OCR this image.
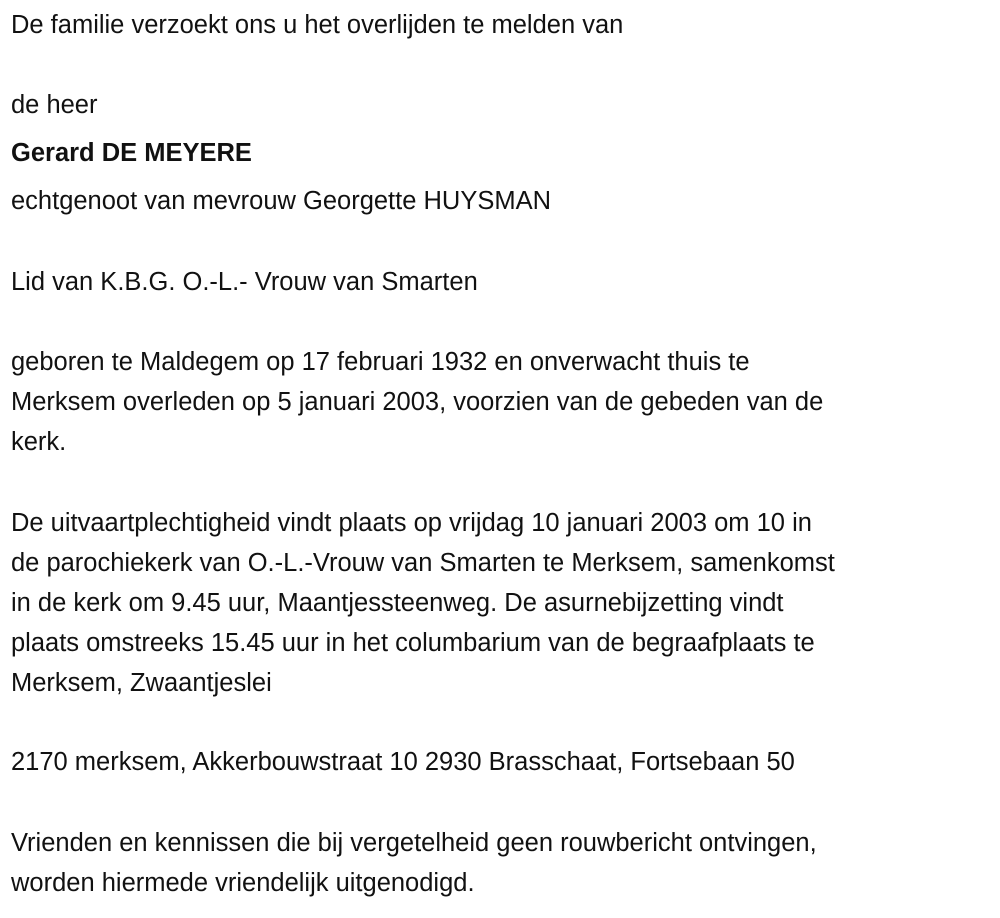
De familie verzoekt ons u het overlijden te melden van
de heer
Gerard DE MEYERE
echtgenoot van mevrouw Georgette HUYSMAN
Lid van K.B.G. O.-L.- Vrouw van Smarten
geboren te Maldegem op 17 februari 1932 en onverwacht thuis te
Merksem overleden op 5 januari 2003, voorzien van de gebeden van de
kerk.
De uitvaartplechtigheid vindt plaats op vrijdag 10 januari 2003 om 10 in
de parochiekerk van O.-L.-Vrouw van Smarten te Merksem, samenkomst
in de kerk om 9.45 uur, Maantjessteenweg. De asurnebijzetting vindt
plaats omstreeks 15.45 uur in het columbarium van de begraafplaats te
Merksem, Zwaantjeslei
2170 merksem, Akkerbouwstraat 10 2930 Brasschaat, Fortsebaan 50
Vrienden en kennissen die bij vergetelheid geen rouwbericht ontvingen,
worden hiermede vriendelijk uitgenodigd.
